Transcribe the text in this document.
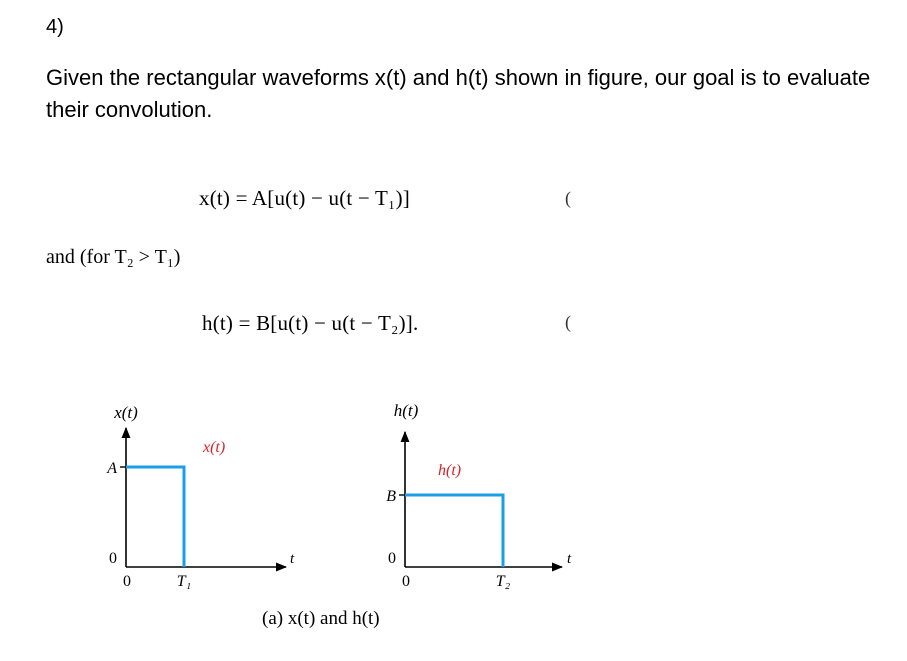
4)
Given the rectangular waveforms x(t) and h(t) shown in figure, our goal is to evaluate their convolution.
x(t) = A[u(t) − u(t − T₁)]	(
and (for T₂ > T₁)
h(t) = B[u(t) − u(t − T₂)].	(
x(t)
x(t)
A
0
0	T₁
t
h(t)
h(t)
B
0
0	T₂
t
(a) x(t) and h(t)
